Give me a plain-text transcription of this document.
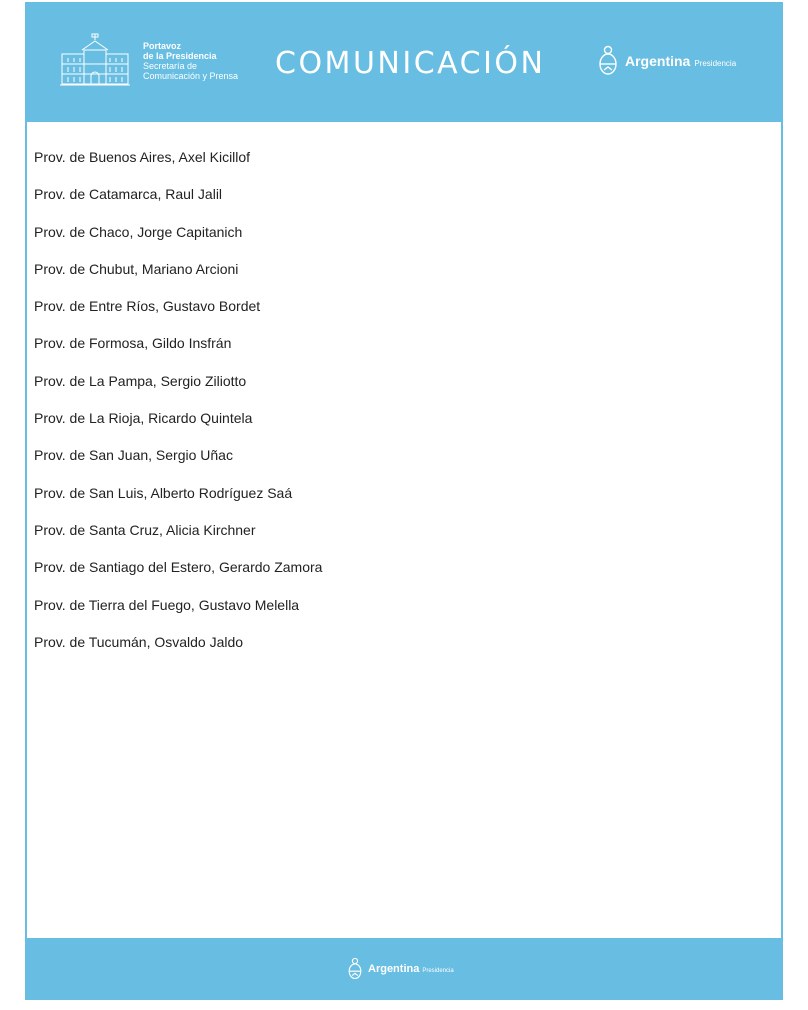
Portavoz
de la Presidencia
Secretaría de
Comunicación y Prensa COMUNICACIÓN	Argentina Presidencia
Prov. de Buenos Aires, Axel Kicillof
Prov. de Catamarca, Raul Jalil
Prov. de Chaco, Jorge Capitanich
Prov. de Chubut, Mariano Arcioni
Prov. de Entre Ríos, Gustavo Bordet
Prov. de Formosa, Gildo Insfrán
Prov. de La Pampa, Sergio Ziliotto
Prov. de La Rioja, Ricardo Quintela
Prov. de San Juan, Sergio Uñac
Prov. de San Luis, Alberto Rodríguez Saá
Prov. de Santa Cruz, Alicia Kirchner
Prov. de Santiago del Estero, Gerardo Zamora
Prov. de Tierra del Fuego, Gustavo Melella
Prov. de Tucumán, Osvaldo Jaldo
Argentina Presidencia
